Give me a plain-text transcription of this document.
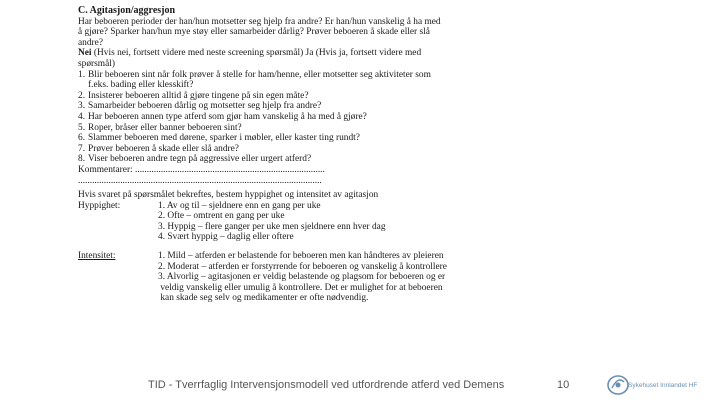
C. Agitasjon/aggresjon
Har beboeren perioder der han/hun motsetter seg hjelp fra andre? Er han/hun vanskelig å ha med
å gjøre? Sparker han/hun mye støy eller samarbeider dårlig? Prøver beboeren å skade eller slå
andre?
Nei (Hvis nei, fortsett videre med neste screening spørsmål) Ja (Hvis ja, fortsett videre med
spørsmål)
1. Blir beboeren sint når folk prøver å stelle for ham/henne, eller motsetter seg aktiviteter som
f.eks. bading eller klesskift?
2. Insisterer beboeren alltid å gjøre tingene på sin egen måte?
3. Samarbeider beboeren dårlig og motsetter seg hjelp fra andre?
4. Har beboeren annen type atferd som gjør ham vanskelig å ha med å gjøre?
5. Roper, bråser eller banner beboeren sint?
6. Slammer beboeren med dørene, sparker i møbler, eller kaster ting rundt?
7. Prøver beboeren å skade eller slå andre?
8. Viser beboeren andre tegn på aggressive eller urgert atferd?
Kommentarer: .................................................................................
........................................................................................................
Hvis svaret på spørsmålet bekreftes, bestem hyppighet og intensitet av agitasjon
Hyppighet:	1. Av og til – sjeldnere enn en gang per uke
2. Ofte – omtrent en gang per uke
3. Hyppig – flere ganger per uke men sjeldnere enn hver dag
4. Svært hyppig – daglig eller oftere
Intensitet:	1. Mild – atferden er belastende for beboeren men kan håndteres av pleieren
2. Moderat – atferden er forstyrrende for beboeren og vanskelig å kontrollere
3. Alvorlig – agitasjonen er veldig belastende og plagsom for beboeren og er
veldig vanskelig eller umulig å kontrollere. Det er mulighet for at beboeren
kan skade seg selv og medikamenter er ofte nødvendig.
TID - Tverrfaglig Intervensjonsmodell ved utfordrende atferd ved Demens	10	Sykehuset Innlandet HF
